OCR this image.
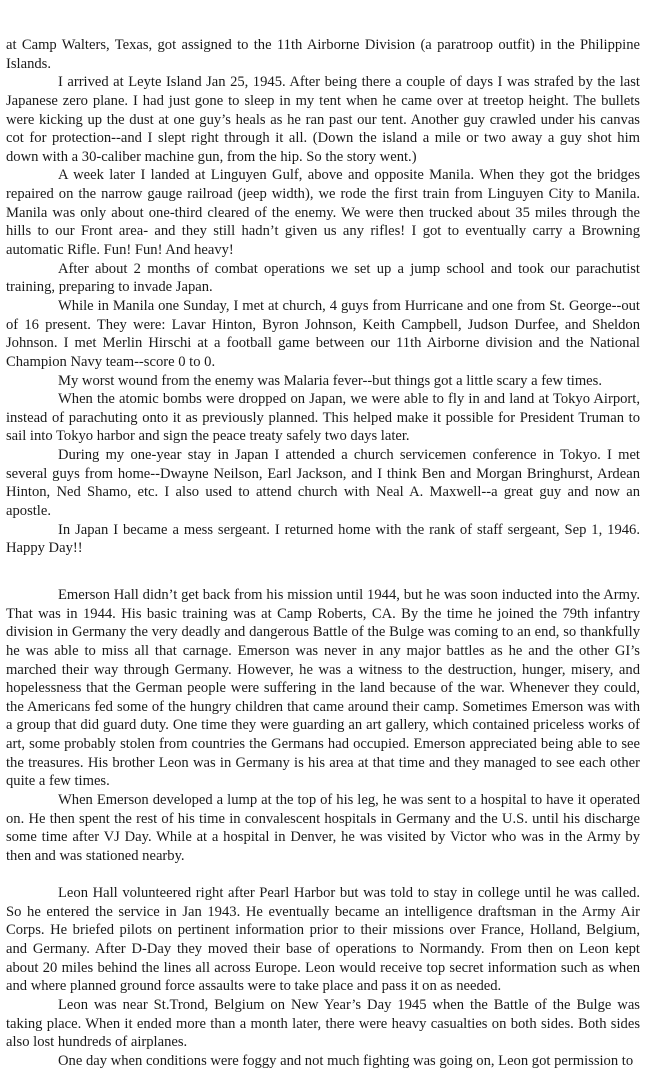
at Camp Walters, Texas, got assigned to the 11th Airborne Division (a paratroop outfit) in the Philippine
Islands.
I arrived at Leyte Island Jan 25, 1945. After being there a couple of days I was strafed by the last
Japanese zero plane. I had just gone to sleep in my tent when he came over at treetop height. The bullets
were kicking up the dust at one guy’s heals as he ran past our tent. Another guy crawled under his canvas
cot for protection--and I slept right through it all. (Down the island a mile or two away a guy shot him
down with a 30-caliber machine gun, from the hip. So the story went.)
A week later I landed at Linguyen Gulf, above and opposite Manila. When they got the bridges
repaired on the narrow gauge railroad (jeep width), we rode the first train from Linguyen City to Manila.
Manila was only about one-third cleared of the enemy. We were then trucked about 35 miles through the
hills to our Front area- and they still hadn’t given us any rifles! I got to eventually carry a Browning
automatic Rifle. Fun! Fun! And heavy!
After about 2 months of combat operations we set up a jump school and took our parachutist
training, preparing to invade Japan.
While in Manila one Sunday, I met at church, 4 guys from Hurricane and one from St. George--out
of 16 present. They were: Lavar Hinton, Byron Johnson, Keith Campbell, Judson Durfee, and Sheldon
Johnson. I met Merlin Hirschi at a football game between our 11th Airborne division and the National
Champion Navy team--score 0 to 0.
My worst wound from the enemy was Malaria fever--but things got a little scary a few times.
When the atomic bombs were dropped on Japan, we were able to fly in and land at Tokyo Airport,
instead of parachuting onto it as previously planned. This helped make it possible for President Truman to
sail into Tokyo harbor and sign the peace treaty safely two days later.
During my one-year stay in Japan I attended a church servicemen conference in Tokyo. I met
several guys from home--Dwayne Neilson, Earl Jackson, and I think Ben and Morgan Bringhurst, Ardean
Hinton, Ned Shamo, etc. I also used to attend church with Neal A. Maxwell--a great guy and now an
apostle.
In Japan I became a mess sergeant. I returned home with the rank of staff sergeant, Sep 1, 1946.
Happy Day!!
Emerson Hall didn’t get back from his mission until 1944, but he was soon inducted into the Army.
That was in 1944. His basic training was at Camp Roberts, CA. By the time he joined the 79th infantry
division in Germany the very deadly and dangerous Battle of the Bulge was coming to an end, so thankfully
he was able to miss all that carnage. Emerson was never in any major battles as he and the other GI’s
marched their way through Germany. However, he was a witness to the destruction, hunger, misery, and
hopelessness that the German people were suffering in the land because of the war. Whenever they could,
the Americans fed some of the hungry children that came around their camp. Sometimes Emerson was with
a group that did guard duty. One time they were guarding an art gallery, which contained priceless works of
art, some probably stolen from countries the Germans had occupied. Emerson appreciated being able to see
the treasures. His brother Leon was in Germany is his area at that time and they managed to see each other
quite a few times.
When Emerson developed a lump at the top of his leg, he was sent to a hospital to have it operated
on. He then spent the rest of his time in convalescent hospitals in Germany and the U.S. until his discharge
some time after VJ Day. While at a hospital in Denver, he was visited by Victor who was in the Army by
then and was stationed nearby.
Leon Hall volunteered right after Pearl Harbor but was told to stay in college until he was called.
So he entered the service in Jan 1943. He eventually became an intelligence draftsman in the Army Air
Corps. He briefed pilots on pertinent information prior to their missions over France, Holland, Belgium,
and Germany. After D-Day they moved their base of operations to Normandy. From then on Leon kept
about 20 miles behind the lines all across Europe. Leon would receive top secret information such as when
and where planned ground force assaults were to take place and pass it on as needed.
Leon was near St.Trond, Belgium on New Year’s Day 1945 when the Battle of the Bulge was
taking place. When it ended more than a month later, there were heavy casualties on both sides. Both sides
also lost hundreds of airplanes.
One day when conditions were foggy and not much fighting was going on, Leon got permission to
